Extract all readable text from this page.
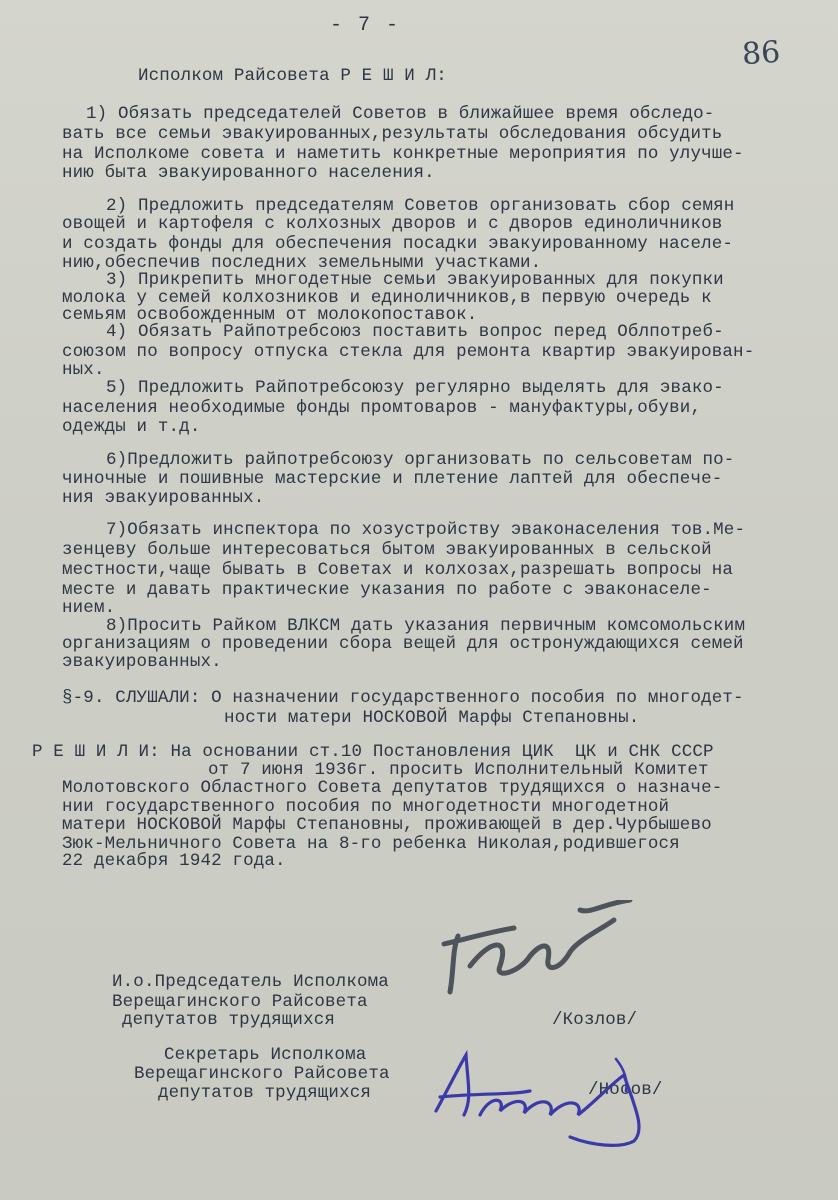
- 7 -
86
Исполком Райсовета Р Е Ш И Л:
1) Обязать председателей Советов в ближайшее время обследо-
вать все семьи эвакуированных,результаты обследования обсудить
на Исполкоме совета и наметить конкретные мероприятия по улучше-
нию быта эвакуированного населения.
2) Предложить председателям Советов организовать сбор семян
овощей и картофеля с колхозных дворов и с дворов единоличников
и создать фонды для обеспечения посадки эвакуированному населе-
нию,обеспечив последних земельными участками.
3) Прикрепить многодетные семьи эвакуированных для покупки
молока у семей колхозников и единоличников,в первую очередь к
семьям освобожденным от молокопоставок.
4) Обязать Райпотребсоюз поставить вопрос перед Облпотреб-
союзом по вопросу отпуска стекла для ремонта квартир эвакуирован-
ных.
5) Предложить Райпотребсоюзу регулярно выделять для эвако-
населения необходимые фонды промтоваров - мануфактуры,обуви,
одежды и т.д.
6)Предложить райпотребсоюзу организовать по сельсоветам по-
чиночные и пошивные мастерские и плетение лаптей для обеспече-
ния эвакуированных.
7)Обязать инспектора по хозустройству эваконаселения тов.Ме-
зенцеву больше интересоваться бытом эвакуированных в сельской
местности,чаще бывать в Советах и колхозах,разрешать вопросы на
месте и давать практические указания по работе с эваконаселе-
нием.
8)Просить Райком ВЛКСМ дать указания первичным комсомольским
организациям о проведении сбора вещей для остронуждающихся семей
эвакуированных.
§-9. СЛУШАЛИ: О назначении государственного пособия по многодет-
ности матери НОСКОВОЙ Марфы Степановны.
Р Е Ш И Л И: На основании ст.10 Постановления ЦИК  ЦК и СНК СССР
от 7 июня 1936г. просить Исполнительный Комитет
Молотовского Областного Совета депутатов трудящихся о назначе-
нии государственного пособия по многодетности многодетной
матери НОСКОВОЙ Марфы Степановны, проживающей в дер.Чурбышево
Зюк-Мельничного Совета на 8-го ребенка Николая,родившегося
22 декабря 1942 года.
И.о.Председатель Исполкома
Верещагинского Райсовета
депутатов трудящихся	/Козлов/
Секретарь Исполкома
Верещагинского Райсовета
депутатов трудящихся	/Носов/
